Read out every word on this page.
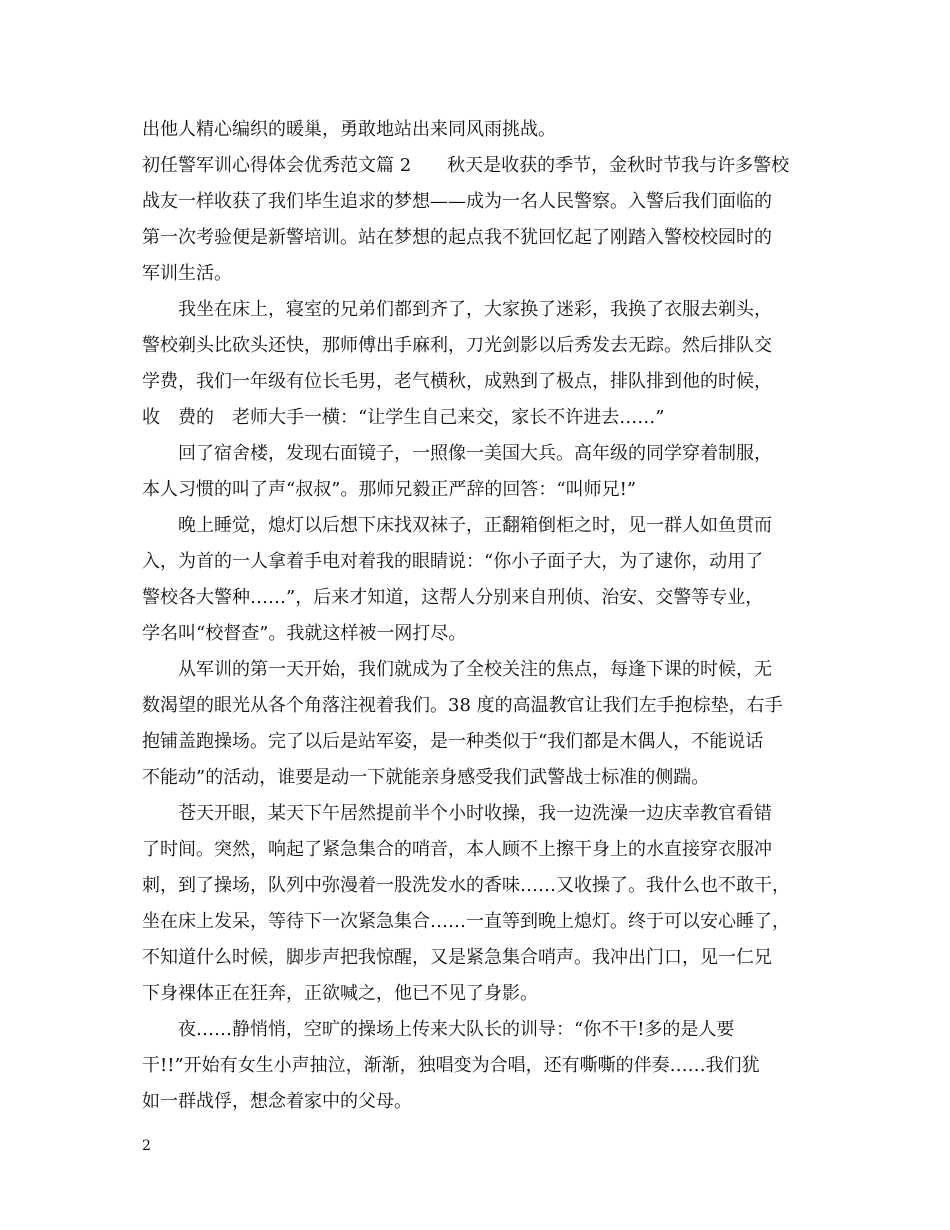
出他人精心编织的暖巢，勇敢地站出来同风雨挑战。
初任警军训心得体会优秀范文篇 2　　秋天是收获的季节，金秋时节我与许多警校
战友一样收获了我们毕生追求的梦想——成为一名人民警察。入警后我们面临的
第一次考验便是新警培训。站在梦想的起点我不犹回忆起了刚踏入警校校园时的
军训生活。
　　我坐在床上，寝室的兄弟们都到齐了，大家换了迷彩，我换了衣服去剃头，
警校剃头比砍头还快，那师傅出手麻利，刀光剑影以后秀发去无踪。然后排队交
学费，我们一年级有位长毛男，老气横秋，成熟到了极点，排队排到他的时候，
收　费的　老师大手一横：“让学生自己来交，家长不许进去……”
　　回了宿舍楼，发现右面镜子，一照像一美国大兵。高年级的同学穿着制服，
本人习惯的叫了声“叔叔”。那师兄毅正严辞的回答：“叫师兄!”
　　晚上睡觉，熄灯以后想下床找双袜子，正翻箱倒柜之时，见一群人如鱼贯而
入，为首的一人拿着手电对着我的眼睛说：“你小子面子大，为了逮你，动用了
警校各大警种……”，后来才知道，这帮人分别来自刑侦、治安、交警等专业，
学名叫“校督查”。我就这样被一网打尽。
　　从军训的第一天开始，我们就成为了全校关注的焦点，每逢下课的时候，无
数渴望的眼光从各个角落注视着我们。38 度的高温教官让我们左手抱棕垫，右手
抱铺盖跑操场。完了以后是站军姿，是一种类似于“我们都是木偶人，不能说话
不能动”的活动，谁要是动一下就能亲身感受我们武警战士标准的侧踹。
　　苍天开眼，某天下午居然提前半个小时收操，我一边洗澡一边庆幸教官看错
了时间。突然，响起了紧急集合的哨音，本人顾不上擦干身上的水直接穿衣服冲
刺，到了操场，队列中弥漫着一股洗发水的香味……又收操了。我什么也不敢干，
坐在床上发呆，等待下一次紧急集合……一直等到晚上熄灯。终于可以安心睡了，
不知道什么时候，脚步声把我惊醒，又是紧急集合哨声。我冲出门口，见一仁兄
下身裸体正在狂奔，正欲喊之，他已不见了身影。
　　夜……静悄悄，空旷的操场上传来大队长的训导：“你不干!多的是人要
干!!”开始有女生小声抽泣，渐渐，独唱变为合唱，还有嘶嘶的伴奏……我们犹
如一群战俘，想念着家中的父母。
2
